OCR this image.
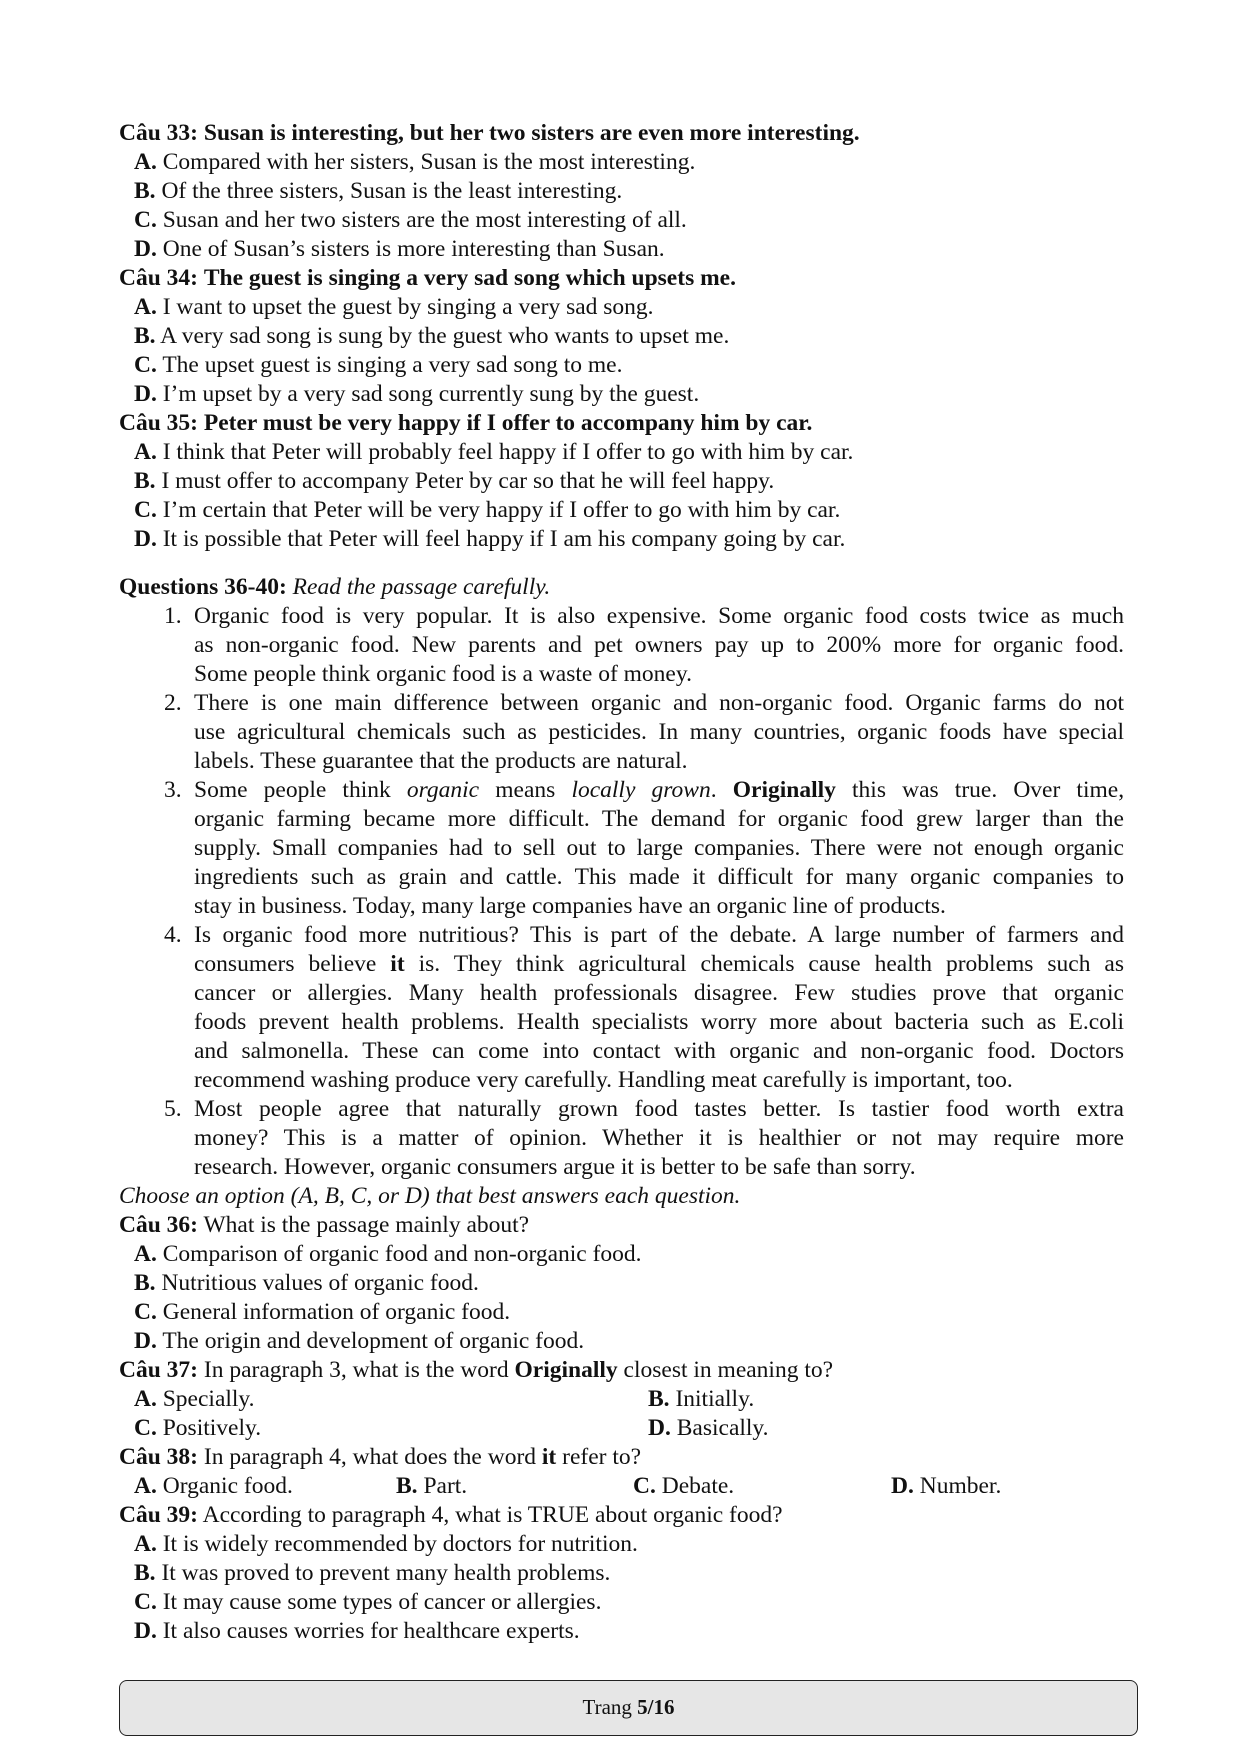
Câu 33: Susan is interesting, but her two sisters are even more interesting.
A. Compared with her sisters, Susan is the most interesting.
B. Of the three sisters, Susan is the least interesting.
C. Susan and her two sisters are the most interesting of all.
D. One of Susan’s sisters is more interesting than Susan.
Câu 34: The guest is singing a very sad song which upsets me.
A. I want to upset the guest by singing a very sad song.
B. A very sad song is sung by the guest who wants to upset me.
C. The upset guest is singing a very sad song to me.
D. I’m upset by a very sad song currently sung by the guest.
Câu 35: Peter must be very happy if I offer to accompany him by car.
A. I think that Peter will probably feel happy if I offer to go with him by car.
B. I must offer to accompany Peter by car so that he will feel happy.
C. I’m certain that Peter will be very happy if I offer to go with him by car.
D. It is possible that Peter will feel happy if I am his company going by car.
Questions 36-40: Read the passage carefully.
1. Organic food is very popular. It is also expensive. Some organic food costs twice as much
as non-organic food. New parents and pet owners pay up to 200% more for organic food.
Some people think organic food is a waste of money.
2. There is one main difference between organic and non-organic food. Organic farms do not
use agricultural chemicals such as pesticides. In many countries, organic foods have special
labels. These guarantee that the products are natural.
3. Some people think organic means locally grown. Originally this was true. Over time,
organic farming became more difficult. The demand for organic food grew larger than the
supply. Small companies had to sell out to large companies. There were not enough organic
ingredients such as grain and cattle. This made it difficult for many organic companies to
stay in business. Today, many large companies have an organic line of products.
4. Is organic food more nutritious? This is part of the debate. A large number of farmers and
consumers believe it is. They think agricultural chemicals cause health problems such as
cancer or allergies. Many health professionals disagree. Few studies prove that organic
foods prevent health problems. Health specialists worry more about bacteria such as E.coli
and salmonella. These can come into contact with organic and non-organic food. Doctors
recommend washing produce very carefully. Handling meat carefully is important, too.
5. Most people agree that naturally grown food tastes better. Is tastier food worth extra
money? This is a matter of opinion. Whether it is healthier or not may require more
research. However, organic consumers argue it is better to be safe than sorry.
Choose an option (A, B, C, or D) that best answers each question.
Câu 36: What is the passage mainly about?
A. Comparison of organic food and non-organic food.
B. Nutritious values of organic food.
C. General information of organic food.
D. The origin and development of organic food.
Câu 37: In paragraph 3, what is the word Originally closest in meaning to?
A. Specially.	B. Initially.
C. Positively.	D. Basically.
Câu 38: In paragraph 4, what does the word it refer to?
A. Organic food.	B. Part.	C. Debate.	D. Number.
Câu 39: According to paragraph 4, what is TRUE about organic food?
A. It is widely recommended by doctors for nutrition.
B. It was proved to prevent many health problems.
C. It may cause some types of cancer or allergies.
D. It also causes worries for healthcare experts.
Trang 5/16
